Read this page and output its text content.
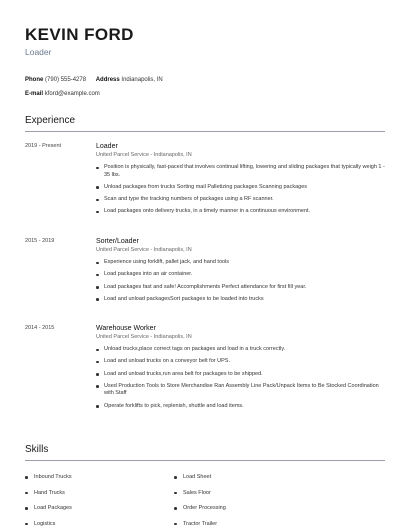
KEVIN FORD
Loader
Phone (790) 555-4278 Address Indianapolis, IN
E-mail kford@example.com
Experience
2019 - Present	Loader
United Parcel Service - Indianapolis, IN
Position is physically, fast-paced that involves continual lifting, lowering and sliding packages that typically weigh 1 - 35 lbs.
Unload packages from trucks Sorting mail Palletizing packages Scanning packages
Scan and type the tracking numbers of packages using a RF scanner.
Load packages onto delivery trucks, in a timely manner in a continuous environment.
2015 - 2019	Sorter/Loader
United Parcel Service - Indianapolis, IN
Experience using forklift, pallet jack, and hand tools
Load packages into an air container.
Load packages fast and safe! Accomplishments Perfect attendance for first fill year.
Load and unload packagesSort packages to be loaded into trucks
2014 - 2015	Warehouse Worker
United Parcel Service - Indianapolis, IN
Unload trucks,place correct tags on packages and load in a truck correctly.
Load and unload trucks on a conveyor belt for UPS.
Load and unload trucks,run area belt for packages to be shipped.
Used Production Tools to Store Merchandise Ran Assembly Line Pack/Unpack Items to Be Stocked Coordination with Staff
Operate forklifts to pick, replenish, shuttle and load items.
Skills
Inbound Trucks
Hand Trucks
Load Packages
Logistics
Load Sheet
Sales Floor
Order Processing
Tractor Trailer
